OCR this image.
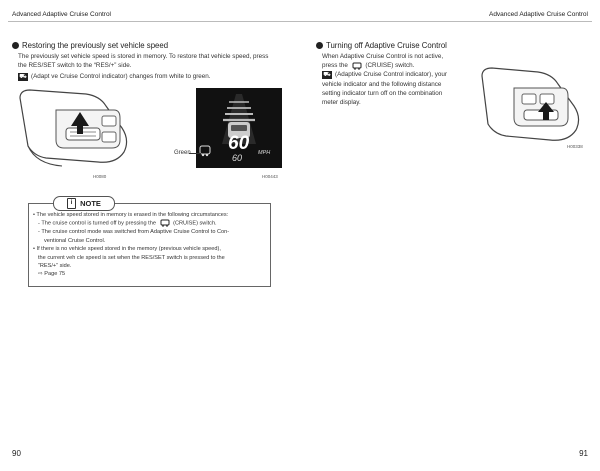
Advanced Adaptive Cruise Control	Advanced Adaptive Cruise Control
Restoring the previously set vehicle speed
The previously set vehicle speed is stored in memory. To restore that vehicle speed, press
the RES/SET switch to the “RES/+” side.
⛟ (Adapt ve Cruise Control indicator) changes from white to green.
H0080
60
60	MPH
Green
H00443
i	NOTE
• The vehicle speed stored in memory is erased in the following circumstances:
- The cruise control is turned off by pressing the	(CRUISE) switch.
- The cruise control mode was switched from Adaptive Cruise Control to Con-
ventional Cruise Control.
• If there is no vehicle speed stored in the memory (previous vehicle speed),
the current veh cle speed is set when the RES/SET switch is pressed to the
“RES/+” side.
⇨ Page 75
Turning off Adaptive Cruise Control
When Adaptive Cruise Control is not active,
press the	(CRUISE) switch.
⛟ (Adaptive Cruise Control indicator), your
vehicle indicator and the following distance
setting indicator turn off on the combination
meter display.
H00338
90	91
